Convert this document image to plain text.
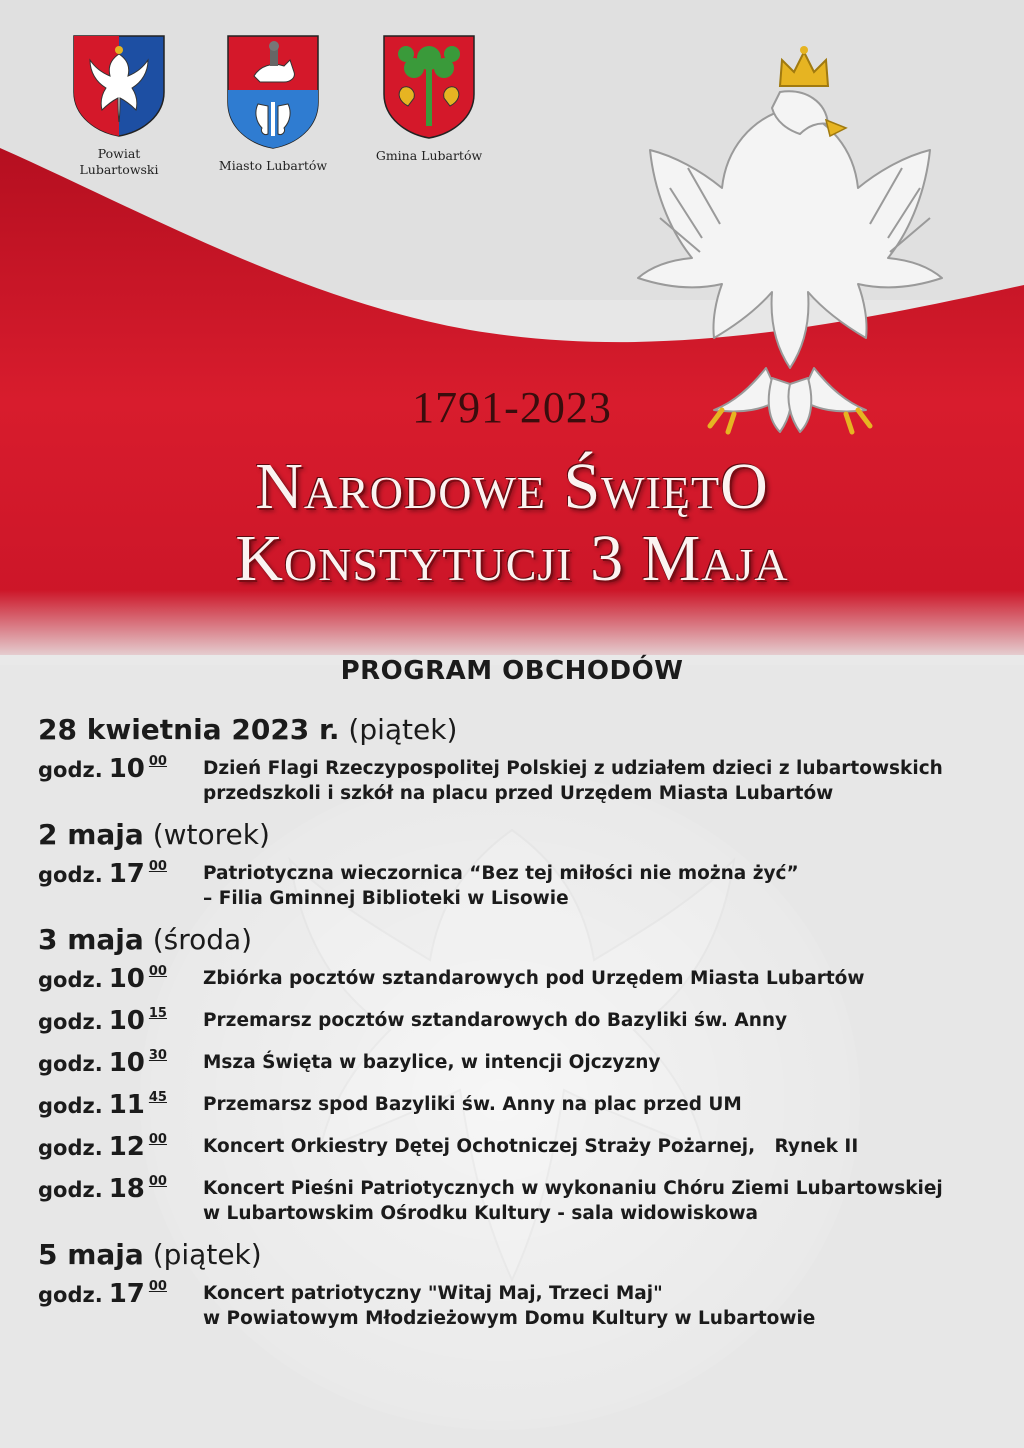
Powiat
Lubartowski	Miasto Lubartów
Gmina Lubartów
1791-2023
Narodowe ŚwiętO
Konstytucji 3 Maja
PROGRAM OBCHODÓW
28 kwietnia 2023 r. (piątek)
godz. 10 $^{00}$	Dzień Flagi Rzeczypospolitej Polskiej z udziałem dzieci z lubartowskich
przedszkoli i szkół na placu przed Urzędem Miasta Lubartów
2 maja (wtorek)
godz. 17 $^{00}$	Patriotyczna wieczornica “Bez tej miłości nie można żyć”
– Filia Gminnej Biblioteki w Lisowie
3 maja (środa)
godz. 10 $^{00}$	Zbiórka pocztów sztandarowych pod Urzędem Miasta Lubartów
godz. 10 $^{15}$	Przemarsz pocztów sztandarowych do Bazyliki św. Anny
godz. 10 $^{30}$	Msza Święta w bazylice, w intencji Ojczyzny
godz. 11 $^{45}$	Przemarsz spod Bazyliki św. Anny na plac przed UM
godz. 12 $^{00}$	Koncert Orkiestry Dętej Ochotniczej Straży Pożarnej,   Rynek II
godz. 18 $^{00}$	Koncert Pieśni Patriotycznych w wykonaniu Chóru Ziemi Lubartowskiej
w Lubartowskim Ośrodku Kultury - sala widowiskowa
5 maja (piątek)
godz. 17 $^{00}$	Koncert patriotyczny "Witaj Maj, Trzeci Maj"
w Powiatowym Młodzieżowym Domu Kultury w Lubartowie
